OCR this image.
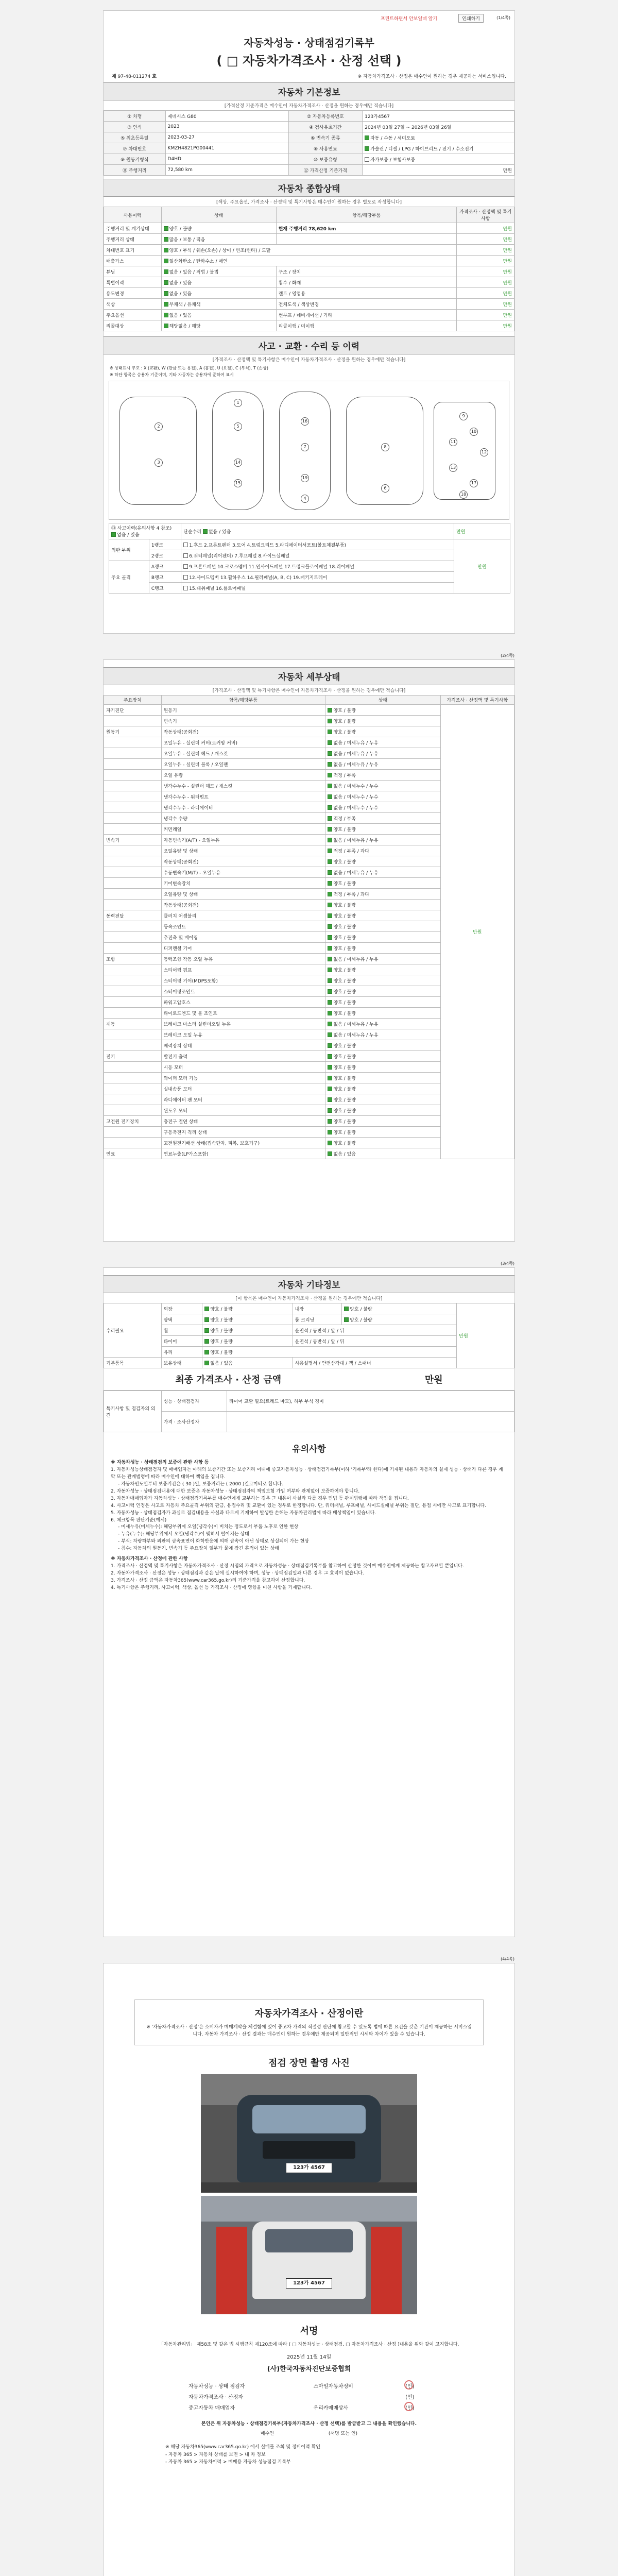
프린트하면서 안보일때 알기	인쇄하기	(1/4쪽)
자동차성능 · 상태점검기록부
( □ 자동차가격조사 · 산정 선택 )
제 97-48-011274 호	※ 자동차가격조사 · 산정은 매수인이 원하는 경우 제공하는 서비스입니다.
자동차 기본정보
[가격산정 기준가격은 매수인이 자동차가격조사 · 산정을 원하는 경우에만 적습니다]
① 차명	제네시스 G80	② 자동차등록번호	123가4567
③ 연식	2023	④ 검사유효기간	2024년 03일 27일 ~ 2026년 03일 26일
⑤ 최초등록일	2023-03-27	⑥ 변속기 종류	자동 / 수동 / 세미오토
⑦ 차대번호	KMZH4821PG00441	⑧ 사용연료	가솔린 / 디젤 / LPG / 하이브리드 / 전기 / 수소전기
⑨ 원동기형식	D4HD	⑩ 보증유형	자가보증 / 보험사보증
⑪ 주행거리	72,580 km	⑫ 가격산정 기준가격	만원
자동차 종합상태
[색상, 주요옵션, 가격조사 · 산정액 및 특기사항은 매수인이 원하는 경우 별도로 작성합니다]
사용이력	상태	항목/해당부품	가격조사 · 산정액 및 특기사항
주행거리 및 계기상태	양호 / 불량	현재 주행거리 78,620 km	만원
주행거리 상태	많음 / 보통 / 적음		만원
차대번호 표기	양호 / 부식 / 훼손(오손) / 상이 / 변조(변타) / 도말		만원
배출가스	일산화탄소 / 탄화수소 / 매연		만원
튜닝	없음 / 있음 / 적법 / 불법	구조 / 장치	만원
특별이력	없음 / 있음	침수 / 화재	만원
용도변경	없음 / 있음	렌트 / 영업용	만원
색상	무채색 / 유채색	전체도색 / 색상변경	만원
주요옵션	없음 / 있음	썬루프 / 네비게이션 / 기타	만원
리콜대상	해당없음 / 해당	리콜이행 / 미이행	만원
사고 · 교환 · 수리 등 이력
[가격조사 · 산정액 및 특기사항은 매수인이 자동차가격조사 · 산정을 원하는 경우에만 적습니다]
※ 상태표시 부호 : X (교환), W (판금 또는 용접), A (흠집), U (요철), C (부식), T (손상)
※ 하단 항목은 승용차 기준이며, 기타 자동차는 승용차에 준하여 표시
1
2
3
4
5
6
7	8
9
10
11
12
13
14
15
16
17
18
19
⑬ 사고이력(유의사항 4 참조)  없음 / 있음		단순수리 없음 / 있음	만원
외판 부위	1랭크	1.후드 2.프론트펜더 3.도어 4.트렁크리드 5.라디에이터서포트(볼트체결부품)	만원
	2랭크	6.쿼터패널(리어펜더) 7.루프패널 8.사이드실패널	
주요 골격	A랭크	9.프론트패널 10.크로스멤버 11.인사이드패널 17.트렁크플로어패널 18.리어패널	
	B랭크	12.사이드멤버 13.휠하우스 14.필러패널(A, B, C) 19.패키지트레이	
	C랭크	15.대쉬패널 16.플로어패널	
(2/4쪽)
자동차 세부상태
[가격조사 · 산정액 및 특기사항은 매수인이 자동차가격조사 · 산정을 원하는 경우에만 적습니다]
주요장치	항목/해당부품	상태	가격조사 · 산정액 및 특기사항
자기진단	원동기	양호 / 불량	만원
	변속기	양호 / 불량	
원동기	작동상태(공회전)	양호 / 불량	
	오일누유 - 실린더 커버(로커암 커버)	없음 / 미세누유 / 누유	
	오일누유 - 실린더 헤드 / 개스킷	없음 / 미세누유 / 누유	
	오일누유 - 실린더 블록 / 오일팬	없음 / 미세누유 / 누유	
	오일 유량	적정 / 부족	
	냉각수누수 - 실린더 헤드 / 개스킷	없음 / 미세누수 / 누수	
	냉각수누수 - 워터펌프	없음 / 미세누수 / 누수	
	냉각수누수 - 라디에이터	없음 / 미세누수 / 누수	
	냉각수 수량	적정 / 부족	
	커먼레일	양호 / 불량	
변속기	자동변속기(A/T) - 오일누유	없음 / 미세누유 / 누유	
	오일유량 및 상태	적정 / 부족 / 과다	
	작동상태(공회전)	양호 / 불량	
	수동변속기(M/T) - 오일누유	없음 / 미세누유 / 누유	
	기어변속장치	양호 / 불량	
	오일유량 및 상태	적정 / 부족 / 과다	
	작동상태(공회전)	양호 / 불량	
동력전달	클러치 어셈블리	양호 / 불량	
	등속조인트	양호 / 불량	
	추진축 및 베어링	양호 / 불량	
	디퍼렌셜 기어	양호 / 불량	
조향	동력조향 작동 오일 누유	없음 / 미세누유 / 누유	
	스티어링 펌프	양호 / 불량	
	스티어링 기어(MDPS포함)	양호 / 불량	
	스티어링조인트	양호 / 불량	
	파워고압호스	양호 / 불량	
	타이로드엔드 및 볼 조인트	양호 / 불량	
제동	브레이크 마스터 실린더오일 누유	없음 / 미세누유 / 누유	
	브레이크 오일 누유	없음 / 미세누유 / 누유	
	배력장치 상태	양호 / 불량	
전기	발전기 출력	양호 / 불량	
	시동 모터	양호 / 불량	
	와이퍼 모터 기능	양호 / 불량	
	실내송풍 모터	양호 / 불량	
	라디에이터 팬 모터	양호 / 불량	
	윈도우 모터	양호 / 불량	
고전원 전기장치	충전구 절연 상태	양호 / 불량	
	구동축전지 격리 상태	양호 / 불량	
	고전원전기배선 상태(접속단자, 피복, 보호기구)	양호 / 불량	
연료	연료누출(LP가스포함)	없음 / 있음	
(3/4쪽)
자동차 기타정보
[이 항목은 매수인이 자동차가격조사 · 산정을 원하는 경우에만 적습니다]
수리필요	외장	양호 / 불량	내장	양호 / 불량	만원
	광택	양호 / 불량	룸 크리닝	양호 / 불량	
	휠	양호 / 불량	운전석 / 동반석 / 앞 / 뒤		
	타이어	양호 / 불량	운전석 / 동반석 / 앞 / 뒤		
	유리	양호 / 불량			
기본품목	보유상태	없음 / 있음	사용설명서 / 안전삼각대 / 잭 / 스패너		
최종 가격조사 · 산정 금액	만원
특기사항 및 점검자의 의견	성능 · 상태점검자	타이어 교환 필요(트레드 마모), 하부 부식 경미
	가격 · 조사산정자	
유의사항
※ 자동차성능 · 상태점검의 보증에 관한 사항 등
1. 자동차성능상태점검자 및 매매업자는 아래의 보증기간 또는 보증거리 이내에 중고자동차성능 · 상태점검기록부(이하 '기록부'라 한다)에 기재된 내용과 자동차의 실제 성능 · 상태가 다른 경우 계약 또는 관계법령에 따라 매수인에 대하여 책임을 집니다.
- 자동차인도일부터 보증기간은 ( 30 )일, 보증거리는 ( 2000 )킬로미터로 합니다.
2. 자동차성능 · 상태점검내용에 대한 보증은 자동차성능 · 상태점검자의 책임보험 가입 여부와 관계없이 보증하여야 합니다.
3. 자동차매매업자가 자동차성능 · 상태점검기록부를 매수인에게 교부하는 경우 그 내용이 사실과 다를 경우 민법 등 관계법령에 따라 책임을 집니다.
4. 사고이력 인정은 사고로 자동차 주요골격 부위의 판금, 용접수리 및 교환이 있는 경우로 한정합니다. 단, 쿼터패널, 루프패널, 사이드실패널 부위는 절단, 용접 시에만 사고로 표기합니다.
5. 자동차성능 · 상태점검자가 과실로 점검내용을 사실과 다르게 기재하여 발생한 손해는 자동차관리법에 따라 배상책임이 있습니다.
6. 체크항목 판단기준(예시)
- 미세누유(미세누수): 해당부위에 오일(냉각수)이 비치는 정도로서 부품 노후로 인한 현상
- 누유(누수): 해당부위에서 오일(냉각수)이 맺혀서 떨어지는 상태
- 부식: 차량하부와 외판의 금속표면이 화학반응에 의해 금속이 아닌 상태로 상실되어 가는 현상
- 침수: 자동차의 원동기, 변속기 등 주요장치 일부가 물에 잠긴 흔적이 있는 상태
※ 자동차가격조사 · 산정에 관한 사항
1. 가격조사 · 산정액 및 특기사항은 자동차가격조사 · 산정 시점의 가격으로 자동차성능 · 상태점검기록부를 참고하여 산정한 것이며 매수인에게 제공하는 참고자료일 뿐입니다.
2. 자동차가격조사 · 산정은 성능 · 상태점검과 같은 날에 실시하여야 하며, 성능 · 상태점검일과 다른 경우 그 효력이 없습니다.
3. 가격조사 · 산정 금액은 자동차365(www.car365.go.kr)의 기준가격을 참고하여 산정합니다.
4. 특기사항은 주행거리, 사고이력, 색상, 옵션 등 가격조사 · 산정에 영향을 미친 사항을 기재합니다.
(4/4쪽)
자동차가격조사 · 산정이란
※ '자동차가격조사 · 산정'은 소비자가 매매계약을 체결함에 있어 중고차 가격의 적절성 판단에 참고할 수 있도록 법에 따른 요건을 갖춘 기관이 제공하는 서비스입니다. 자동차 가격조사 · 산정 결과는 매수인이 원하는 경우에만 제공되며 일반적인 시세와 차이가 있을 수 있습니다.
점검 장면 촬영 사진
123가 4567
123가 4567
서명
「자동차관리법」 제58조 및 같은 법 시행규칙 제120조에 따라 ( □ 자동차성능 · 상태점검, □ 자동차가격조사 · 산정 )내용을 위와 같이 고지합니다.
2025년 11월 14일
(사)한국자동차진단보증협회
자동차성능 · 상태 점검자	스마일자동차정비	(인)

자동차가격조사 · 산정자		(인)
중고자동차 매매업자	우리카매매상사	(인)
본인은 위 자동차성능 · 상태점검기록부(자동차가격조사 · 산정 선택)를 발급받고 그 내용을 확인했습니다.
매수인                                     (서명 또는 인)
※ 해당 자동차365(www.car365.go.kr) 에서 실매물 조회 및 정비이력 확인
- 자동차 365 > 자동차 상태를 보면 > 내 차 정보
- 자동차 365 > 자동차이력 > 매매용 자동차 성능점검 기록부
